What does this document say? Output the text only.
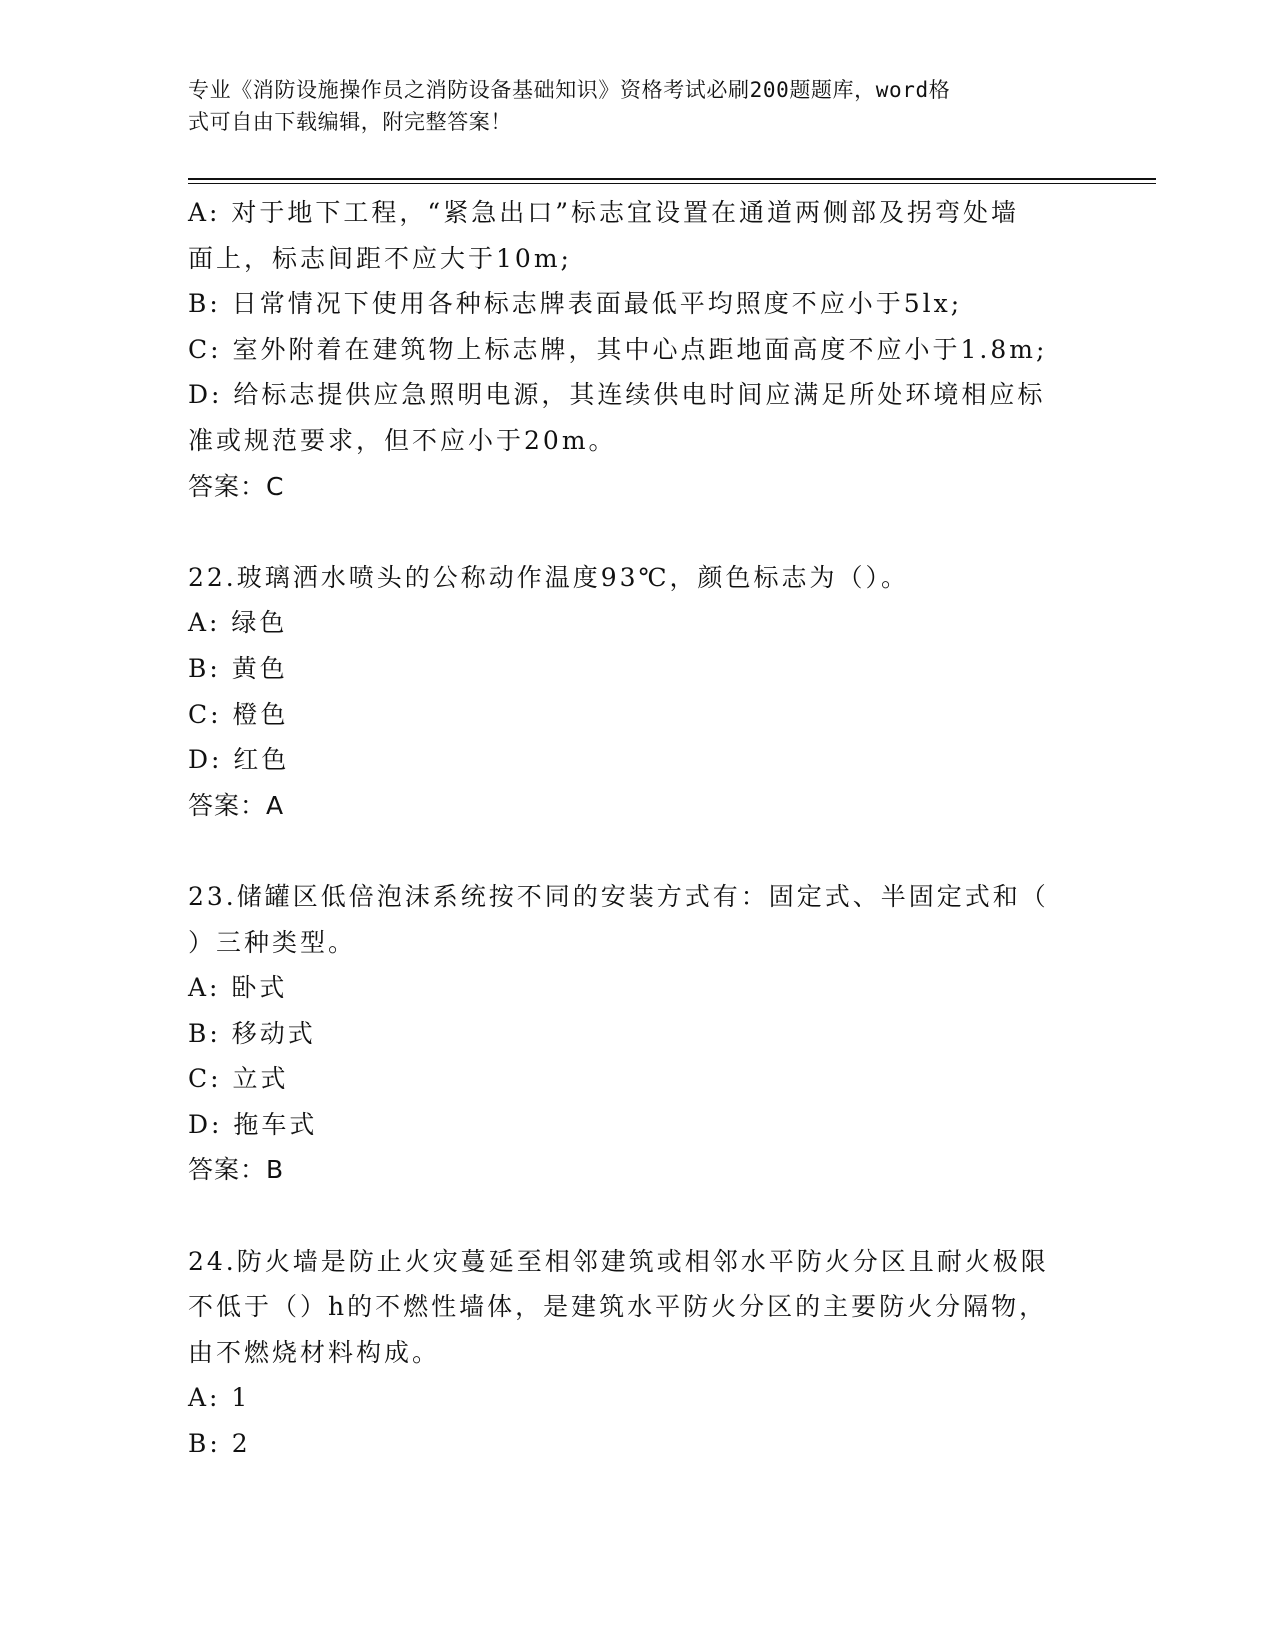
专业《消防设施操作员之消防设备基础知识》资格考试必刷200题题库，word格
式可自由下载编辑，附完整答案！
A: 对于地下工程，“紧急出口”标志宜设置在通道两侧部及拐弯处墙
面上，标志间距不应大于10m;
B: 日常情况下使用各种标志牌表面最低平均照度不应小于5lx;
C: 室外附着在建筑物上标志牌，其中心点距地面高度不应小于1.8m;
D: 给标志提供应急照明电源，其连续供电时间应满足所处环境相应标
准或规范要求，但不应小于20m。
答案：C
22.玻璃洒水喷头的公称动作温度93℃，颜色标志为（）。
A: 绿色
B: 黄色
C: 橙色
D: 红色
答案：A
23.储罐区低倍泡沫系统按不同的安装方式有：固定式、半固定式和（
）三种类型。
A: 卧式
B: 移动式
C: 立式
D: 拖车式
答案：B
24.防火墙是防止火灾蔓延至相邻建筑或相邻水平防火分区且耐火极限
不低于（）h的不燃性墙体，是建筑水平防火分区的主要防火分隔物，
由不燃烧材料构成。
A: 1
B: 2
